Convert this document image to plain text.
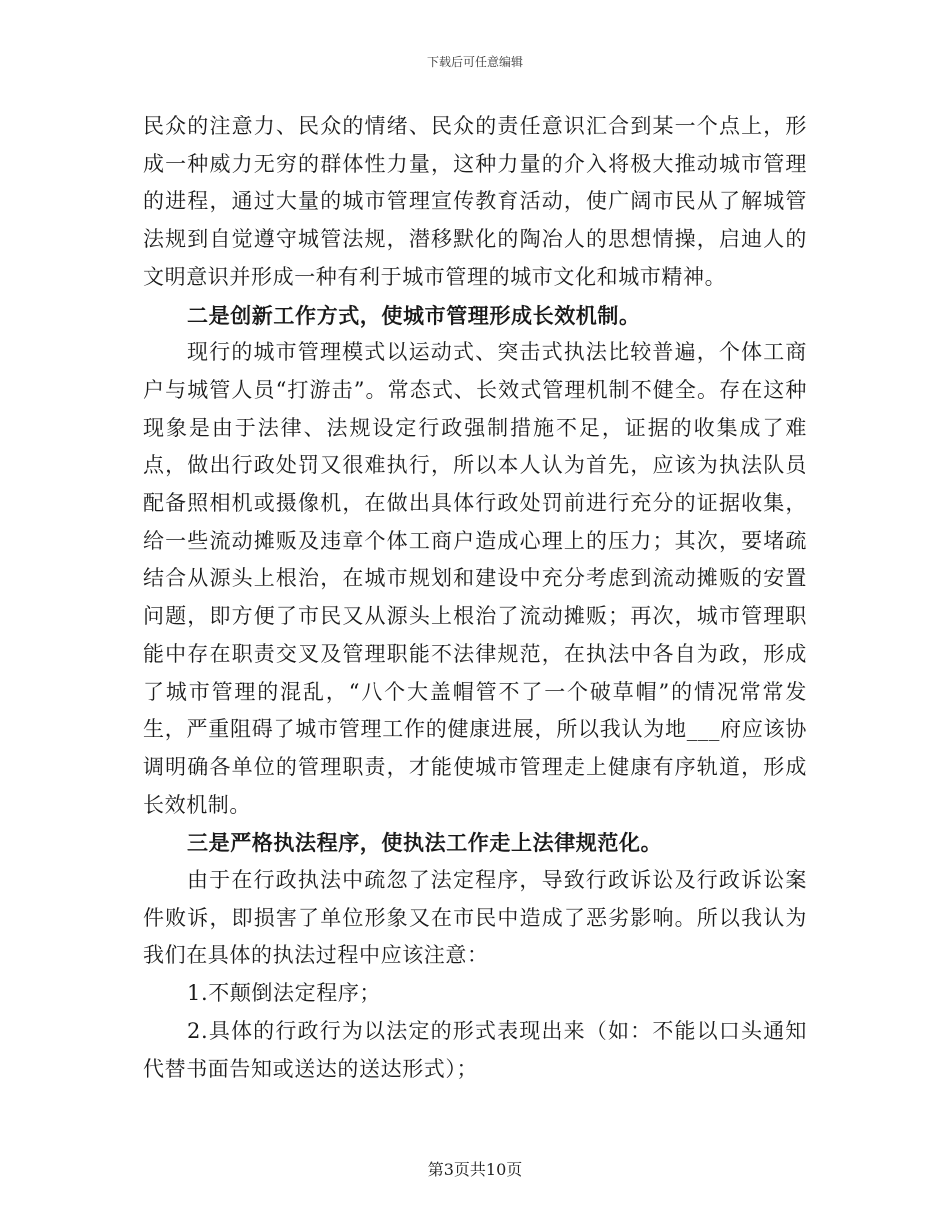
下载后可任意编辑

民众的注意力、民众的情绪、民众的责任意识汇合到某一个点上，形成一种威力无穷的群体性力量，这种力量的介入将极大推动城市管理的进程，通过大量的城市管理宣传教育活动，使广阔市民从了解城管法规到自觉遵守城管法规，潜移默化的陶冶人的思想情操，启迪人的文明意识并形成一种有利于城市管理的城市文化和城市精神。

二是创新工作方式，使城市管理形成长效机制。

现行的城市管理模式以运动式、突击式执法比较普遍，个体工商户与城管人员“打游击”。常态式、长效式管理机制不健全。存在这种现象是由于法律、法规设定行政强制措施不足，证据的收集成了难点，做出行政处罚又很难执行，所以本人认为首先，应该为执法队员配备照相机或摄像机，在做出具体行政处罚前进行充分的证据收集，给一些流动摊贩及违章个体工商户造成心理上的压力；其次，要堵疏结合从源头上根治，在城市规划和建设中充分考虑到流动摊贩的安置问题，即方便了市民又从源头上根治了流动摊贩；再次，城市管理职能中存在职责交叉及管理职能不法律规范，在执法中各自为政，形成了城市管理的混乱，“八个大盖帽管不了一个破草帽”的情况常常发生，严重阻碍了城市管理工作的健康进展，所以我认为地___府应该协调明确各单位的管理职责，才能使城市管理走上健康有序轨道，形成长效机制。

三是严格执法程序，使执法工作走上法律规范化。

由于在行政执法中疏忽了法定程序，导致行政诉讼及行政诉讼案件败诉，即损害了单位形象又在市民中造成了恶劣影响。所以我认为我们在具体的执法过程中应该注意：

1.不颠倒法定程序；

2.具体的行政行为以法定的形式表现出来（如：不能以口头通知代替书面告知或送达的送达形式）；

第3页共10页
